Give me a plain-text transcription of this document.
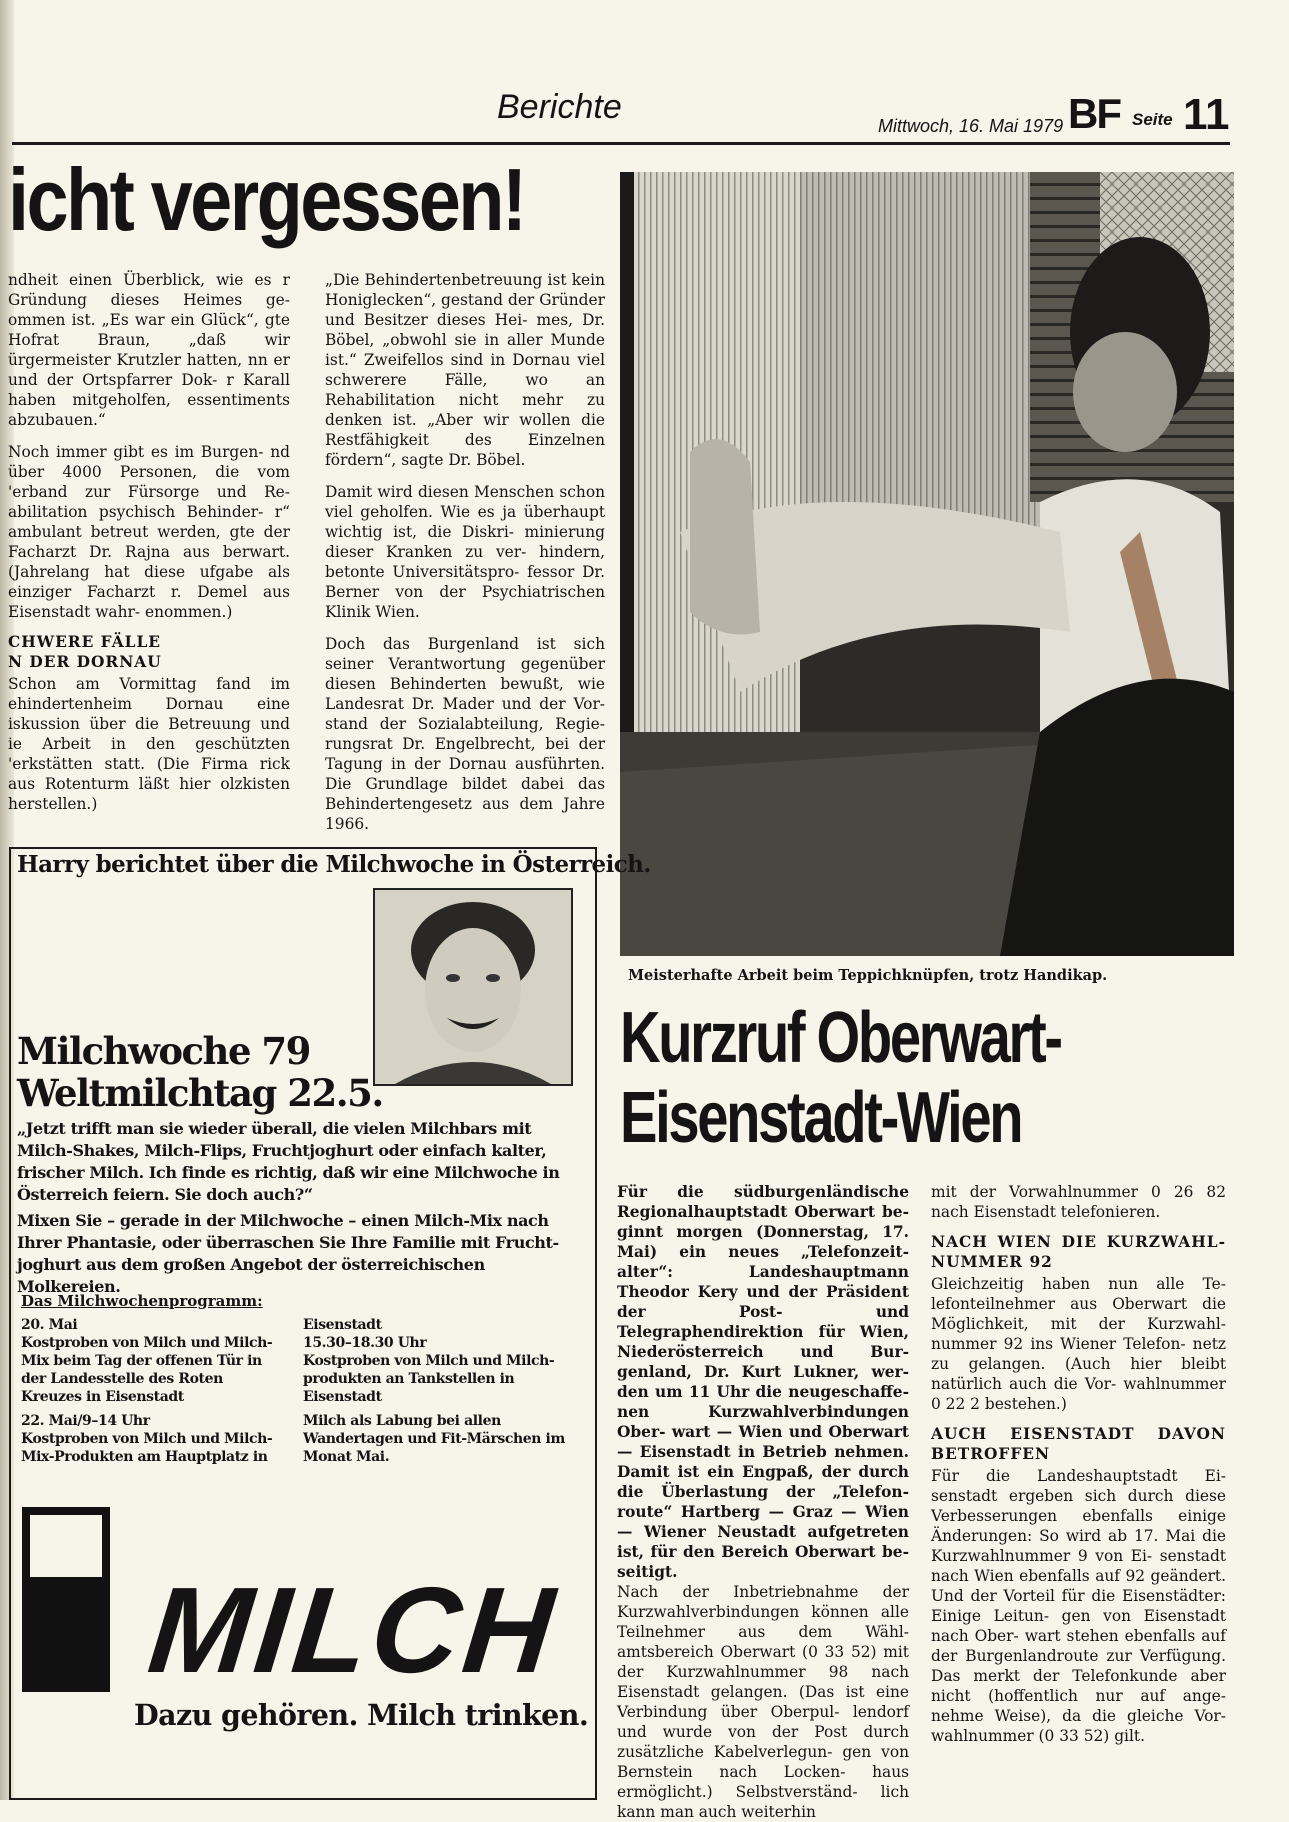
Berichte	Mittwoch, 16. Mai 1979 BF Seite 11
icht vergessen!

ndheit einen Überblick, wie es r Gründung dieses Heimes ge- ommen ist. „Es war ein Glück“, gte Hofrat Braun, „daß wir ürgermeister Krutzler hatten, nn er und der Ortspfarrer Dok- r Karall haben mitgeholfen, essentiments abzubauen.“

Noch immer gibt es im Burgen- nd über 4000 Personen, die vom 'erband zur Fürsorge und Re- abilitation psychisch Behinder- r“ ambulant betreut werden, gte der Facharzt Dr. Rajna aus berwart. (Jahrelang hat diese ufgabe als einziger Facharzt r. Demel aus Eisenstadt wahr- enommen.)

CHWERE FÄLLE
N DER DORNAU

Schon am Vormittag fand im ehindertenheim Dornau eine iskussion über die Betreuung und ie Arbeit in den geschützten 'erkstätten statt. (Die Firma rick aus Rotenturm läßt hier olzkisten herstellen.)

„Die Behindertenbetreuung ist kein Honiglecken“, gestand der Gründer und Besitzer dieses Hei- mes, Dr. Böbel, „obwohl sie in aller Munde ist.“ Zweifellos sind in Dornau viel schwerere Fälle, wo an Rehabilitation nicht mehr zu denken ist. „Aber wir wollen die Restfähigkeit des Einzelnen fördern“, sagte Dr. Böbel.

Damit wird diesen Menschen schon viel geholfen. Wie es ja überhaupt wichtig ist, die Diskri- minierung dieser Kranken zu ver- hindern, betonte Universitätspro- fessor Dr. Berner von der Psychiatrischen Klinik Wien.

Doch das Burgenland ist sich seiner Verantwortung gegenüber diesen Behinderten bewußt, wie Landesrat Dr. Mader und der Vor- stand der Sozialabteilung, Regie- rungsrat Dr. Engelbrecht, bei der Tagung in der Dornau ausführten. Die Grundlage bildet dabei das Behindertengesetz aus dem Jahre 1966.

Meisterhafte Arbeit beim Teppichknüpfen, trotz Handikap.
Harry berichtet über die Milchwoche in Österreich.
Milchwoche 79
Weltmilchtag 22.5.

„Jetzt trifft man sie wieder überall, die vielen Milchbars mit Milch-Shakes, Milch-Flips, Fruchtjoghurt oder einfach kalter, frischer Milch. Ich finde es richtig, daß wir eine Milchwoche in Österreich feiern. Sie doch auch?“

Mixen Sie – gerade in der Milchwoche – einen Milch-Mix nach Ihrer Phantasie, oder überraschen Sie Ihre Familie mit Frucht- joghurt aus dem großen Angebot der österreichischen Molkereien.

Das Milchwochenprogramm:
20. Mai

Kostproben von Milch und Milch- Mix beim Tag der offenen Tür in der Landesstelle des Roten Kreuzes in Eisenstadt

22. Mai/9–14 Uhr

Kostproben von Milch und Milch- Mix-Produkten am Hauptplatz in

Eisenstadt
15.30–18.30 Uhr

Kostproben von Milch und Milch- produkten an Tankstellen in Eisenstadt

Milch als Labung bei allen Wandertagen und Fit-Märschen im Monat Mai.

MILCH
Dazu gehören. Milch trinken.
Kurzruf Oberwart-
Eisenstadt-Wien

Für die südburgenländische Regionalhauptstadt Oberwart be- ginnt morgen (Donnerstag, 17. Mai) ein neues „Telefonzeit- alter“: Landeshauptmann Theodor Kery und der Präsident der Post- und Telegraphendirektion für Wien, Niederösterreich und Bur- genland, Dr. Kurt Lukner, wer- den um 11 Uhr die neugeschaffe- nen Kurzwahlverbindungen Ober- wart — Wien und Oberwart — Eisenstadt in Betrieb nehmen. Damit ist ein Engpaß, der durch die Überlastung der „Telefon- route“ Hartberg — Graz — Wien — Wiener Neustadt aufgetreten ist, für den Bereich Oberwart be- seitigt.

Nach der Inbetriebnahme der Kurzwahlverbindungen können alle Teilnehmer aus dem Wähl- amtsbereich Oberwart (0 33 52) mit der Kurzwahlnummer 98 nach Eisenstadt gelangen. (Das ist eine Verbindung über Oberpul- lendorf und wurde von der Post durch zusätzliche Kabelverlegun- gen von Bernstein nach Locken- haus ermöglicht.) Selbstverständ- lich kann man auch weiterhin

mit der Vorwahlnummer 0 26 82 nach Eisenstadt telefonieren.

NACH WIEN DIE KURZWAHL- NUMMER 92

Gleichzeitig haben nun alle Te- lefonteilnehmer aus Oberwart die Möglichkeit, mit der Kurzwahl- nummer 92 ins Wiener Telefon- netz zu gelangen. (Auch hier bleibt natürlich auch die Vor- wahlnummer 0 22 2 bestehen.)

AUCH EISENSTADT DAVON BETROFFEN

Für die Landeshauptstadt Ei- senstadt ergeben sich durch diese Verbesserungen ebenfalls einige Änderungen: So wird ab 17. Mai die Kurzwahlnummer 9 von Ei- senstadt nach Wien ebenfalls auf 92 geändert. Und der Vorteil für die Eisenstädter: Einige Leitun- gen von Eisenstadt nach Ober- wart stehen ebenfalls auf der Burgenlandroute zur Verfügung. Das merkt der Telefonkunde aber nicht (hoffentlich nur auf ange- nehme Weise), da die gleiche Vor- wahlnummer (0 33 52) gilt.
